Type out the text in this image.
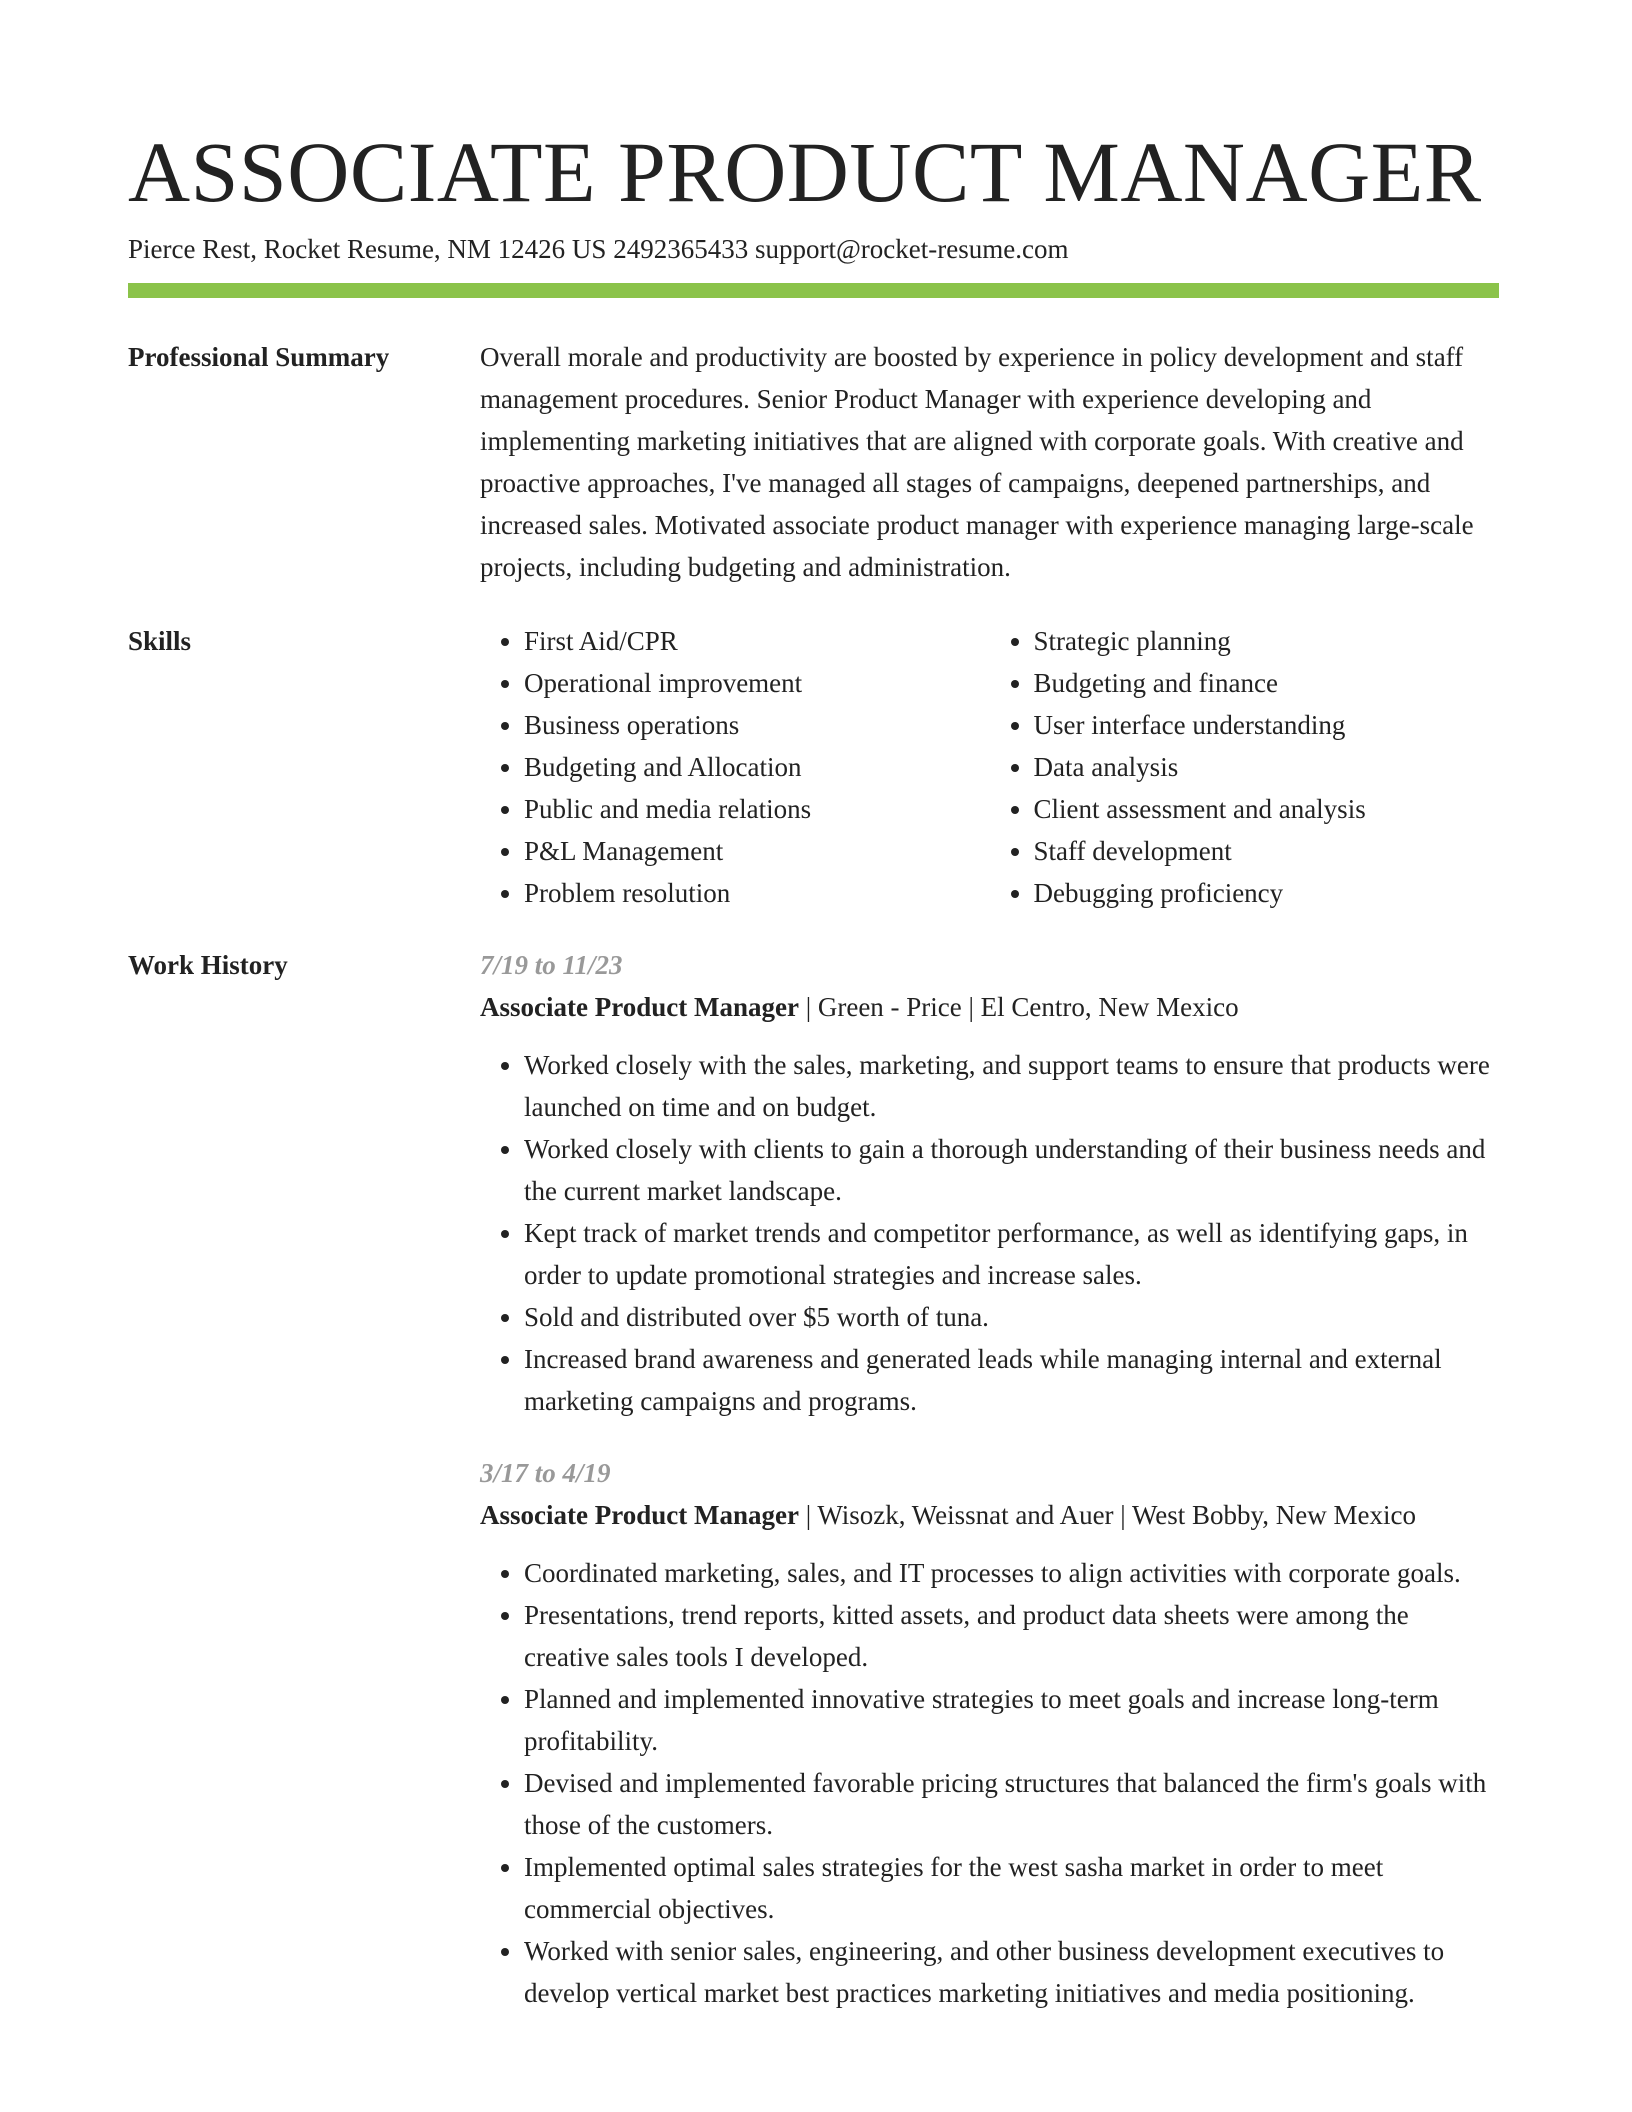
ASSOCIATE PRODUCT MANAGER
Pierce Rest, Rocket Resume, NM 12426 US 2492365433 support@rocket-resume.com
Professional Summary	Overall morale and productivity are boosted by experience in policy development and staff management procedures. Senior Product Manager with experience developing and implementing marketing initiatives that are aligned with corporate goals. With creative and proactive approaches, I've managed all stages of campaigns, deepened partnerships, and increased sales. Motivated associate product manager with experience managing large-scale projects, including budgeting and administration.

Skills
•	First Aid/CPR
• Operational improvement
• Business operations
• Budgeting and Allocation
• Public and media relations
• P&L Management
• Problem resolution
• Strategic planning
• Budgeting and finance
• User interface understanding
• Data analysis
• Client assessment and analysis
• Staff development
• Debugging proficiency
Work History	7/19 to 11/23
Associate Product Manager | Green - Price | El Centro, New Mexico
• Worked closely with the sales, marketing, and support teams to ensure that products were launched on time and on budget.
• Worked closely with clients to gain a thorough understanding of their business needs and the current market landscape.
• Kept track of market trends and competitor performance, as well as identifying gaps, in order to update promotional strategies and increase sales.
• Sold and distributed over $5 worth of tuna.
• Increased brand awareness and generated leads while managing internal and external marketing campaigns and programs.
3/17 to 4/19
Associate Product Manager | Wisozk, Weissnat and Auer | West Bobby, New Mexico
• Coordinated marketing, sales, and IT processes to align activities with corporate goals.
• Presentations, trend reports, kitted assets, and product data sheets were among the creative sales tools I developed.
• Planned and implemented innovative strategies to meet goals and increase long-term profitability.
• Devised and implemented favorable pricing structures that balanced the firm's goals with those of the customers.
• Implemented optimal sales strategies for the west sasha market in order to meet commercial objectives.
• Worked with senior sales, engineering, and other business development executives to develop vertical market best practices marketing initiatives and media positioning.
